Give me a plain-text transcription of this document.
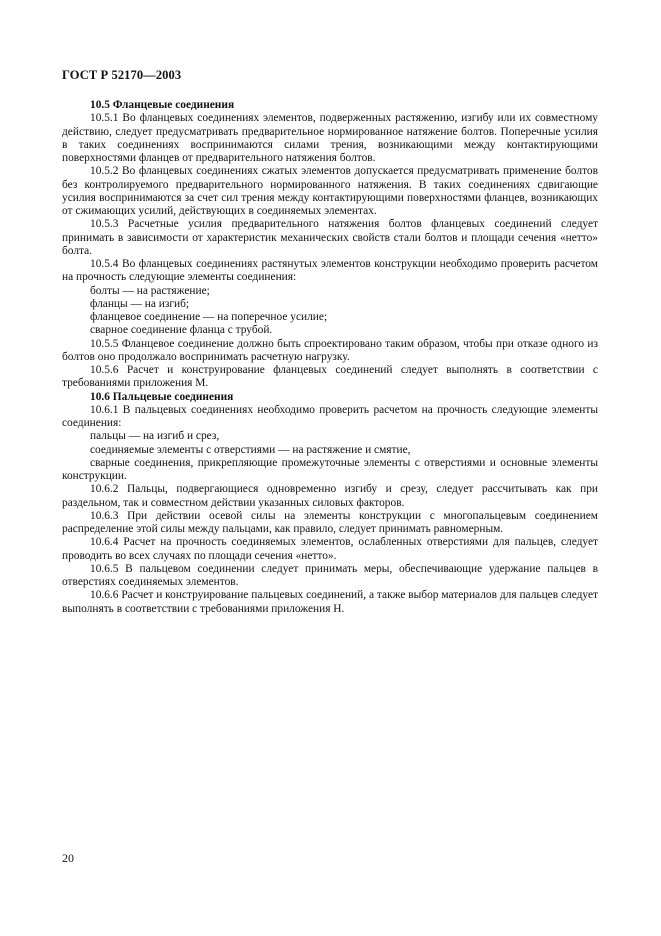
ГОСТ Р 52170—2003

10.5 Фланцевые соединения

10.5.1 Во фланцевых соединениях элементов, подверженных растяжению, изгибу или их совместному действию, следует предусматривать предварительное нормированное натяжение болтов. Поперечные усилия в таких соединениях воспринимаются силами трения, возникающими между контактирующими поверхностями фланцев от предварительного натяжения болтов.

10.5.2 Во фланцевых соединениях сжатых элементов допускается предусматривать применение болтов без контролируемого предварительного нормированного натяжения. В таких соединениях сдвигающие усилия воспринимаются за счет сил трения между контактирующими поверхностями фланцев, возникающих от сжимающих усилий, действующих в соединяемых элементах.

10.5.3 Расчетные усилия предварительного натяжения болтов фланцевых соединений следует принимать в зависимости от характеристик механических свойств стали болтов и площади сечения «нетто» болта.

10.5.4 Во фланцевых соединениях растянутых элементов конструкции необходимо проверить расчетом на прочность следующие элементы соединения:

болты — на растяжение;

фланцы — на изгиб;

фланцевое соединение — на поперечное усилие;

сварное соединение фланца с трубой.

10.5.5 Фланцевое соединение должно быть спроектировано таким образом, чтобы при отказе одного из болтов оно продолжало воспринимать расчетную нагрузку.

10.5.6 Расчет и конструирование фланцевых соединений следует выполнять в соответствии с требованиями приложения М.

10.6 Пальцевые соединения

10.6.1 В пальцевых соединениях необходимо проверить расчетом на прочность следующие элементы соединения:

пальцы — на изгиб и срез,

соединяемые элементы с отверстиями — на растяжение и смятие,

сварные соединения, прикрепляющие промежуточные элементы с отверстиями и основные элементы конструкции.

10.6.2 Пальцы, подвергающиеся одновременно изгибу и срезу, следует рассчитывать как при раздельном, так и совместном действии указанных силовых факторов.

10.6.3 При действии осевой силы на элементы конструкции с многопальцевым соединением распределение этой силы между пальцами, как правило, следует принимать равномерным.

10.6.4 Расчет на прочность соединяемых элементов, ослабленных отверстиями для пальцев, следует проводить во всех случаях по площади сечения «нетто».

10.6.5 В пальцевом соединении следует принимать меры, обеспечивающие удержание пальцев в отверстиях соединяемых элементов.

10.6.6 Расчет и конструирование пальцевых соединений, а также выбор материалов для пальцев следует выполнять в соответствии с требованиями приложения Н.

20
